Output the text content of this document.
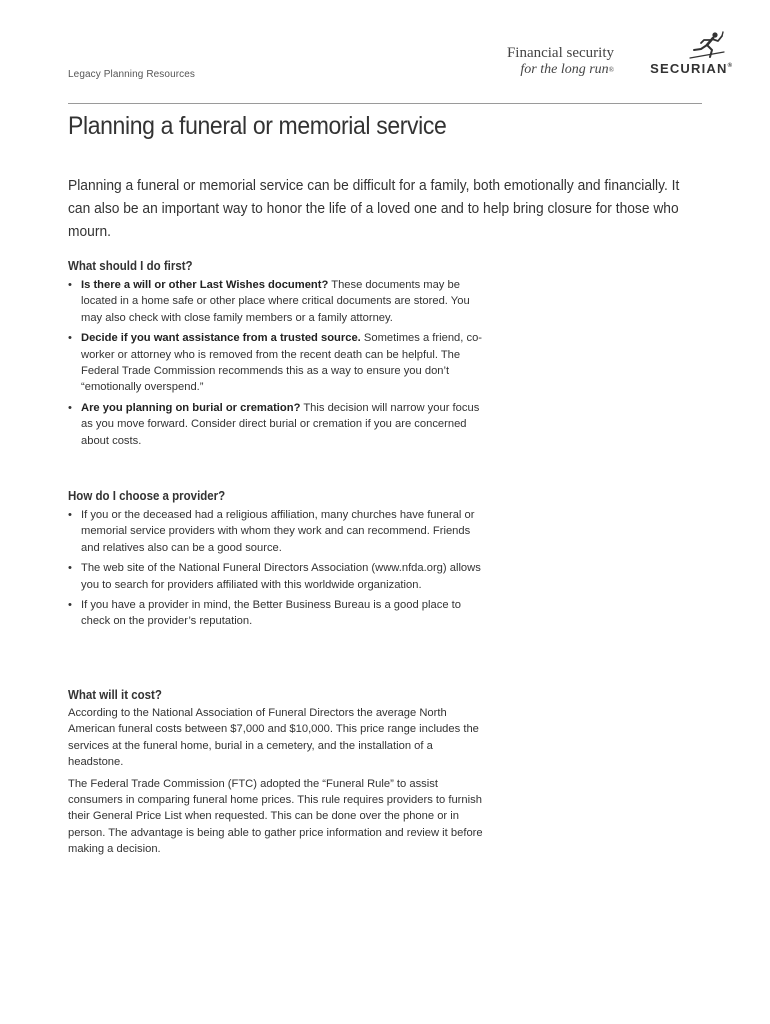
Legacy Planning Resources
Financial security
for the long run®	SECURIAN®
Planning a funeral or memorial service

Planning a funeral or memorial service can be difficult for a family, both emotionally and financially. It can also be an important way to honor the life of a loved one and to help bring closure for those who mourn.

What should I do first?
• Is there a will or other Last Wishes document? These documents may be located in a home safe or other place where critical documents are stored. You may also check with close family members or a family attorney.
• Decide if you want assistance from a trusted source. Sometimes a friend, co-worker or attorney who is removed from the recent death can be helpful. The Federal Trade Commission recommends this as a way to ensure you don’t “emotionally overspend.”
• Are you planning on burial or cremation? This decision will narrow your focus as you move forward. Consider direct burial or cremation if you are concerned about costs.
How do I choose a provider?
• If you or the deceased had a religious affiliation, many churches have funeral or memorial service providers with whom they work and can recommend. Friends and relatives also can be a good source.
• The web site of the National Funeral Directors Association (www.nfda.org) allows you to search for providers affiliated with this worldwide organization.
• If you have a provider in mind, the Better Business Bureau is a good place to check on the provider’s reputation.
What will it cost?

According to the National Association of Funeral Directors the average North American funeral costs between $7,000 and $10,000. This price range includes the services at the funeral home, burial in a cemetery, and the installation of a headstone.

The Federal Trade Commission (FTC) adopted the “Funeral Rule” to assist consumers in comparing funeral home prices. This rule requires providers to furnish their General Price List when requested. This can be done over the phone or in person. The advantage is being able to gather price information and review it before making a decision.
